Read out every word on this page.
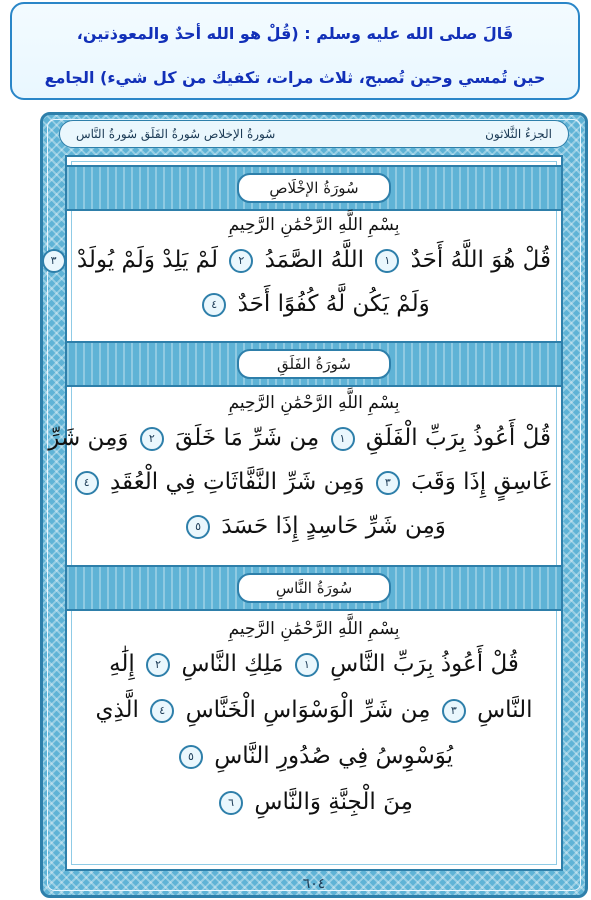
قَالَ صلى الله عليه وسلم : (قُلْ هو الله أحدٌ والمعوذتين،
حين تُمسي وحين تُصبح، ثلاث مرات، تكفيك من كل شيء) الجامع
الجزءُ الثَّلاثون
سُورةُ الإخلاص سُورةُ الفَلَق سُورةُ النَّاس
سُورَةُ الإخْلَاصِ
بِسْمِ اللَّهِ الرَّحْمَٰنِ الرَّحِيمِ
قُلْ هُوَ اللَّهُ أَحَدٌ ١ اللَّهُ الصَّمَدُ ٢ لَمْ يَلِدْ وَلَمْ يُولَدْ ٣
وَلَمْ يَكُن لَّهُ كُفُوًا أَحَدٌ ٤
سُورَةُ الفَلَقِ
بِسْمِ اللَّهِ الرَّحْمَٰنِ الرَّحِيمِ
قُلْ أَعُوذُ بِرَبِّ الْفَلَقِ ١ مِن شَرِّ مَا خَلَقَ ٢ وَمِن شَرِّ
غَاسِقٍ إِذَا وَقَبَ ٣ وَمِن شَرِّ النَّفَّاثَاتِ فِي الْعُقَدِ ٤
وَمِن شَرِّ حَاسِدٍ إِذَا حَسَدَ ٥
سُورَةُ النَّاسِ
بِسْمِ اللَّهِ الرَّحْمَٰنِ الرَّحِيمِ
قُلْ أَعُوذُ بِرَبِّ النَّاسِ ١ مَلِكِ النَّاسِ ٢ إِلَٰهِ
النَّاسِ ٣ مِن شَرِّ الْوَسْوَاسِ الْخَنَّاسِ ٤ الَّذِي
يُوَسْوِسُ فِي صُدُورِ النَّاسِ ٥
مِنَ الْجِنَّةِ وَالنَّاسِ ٦
٦٠٤
